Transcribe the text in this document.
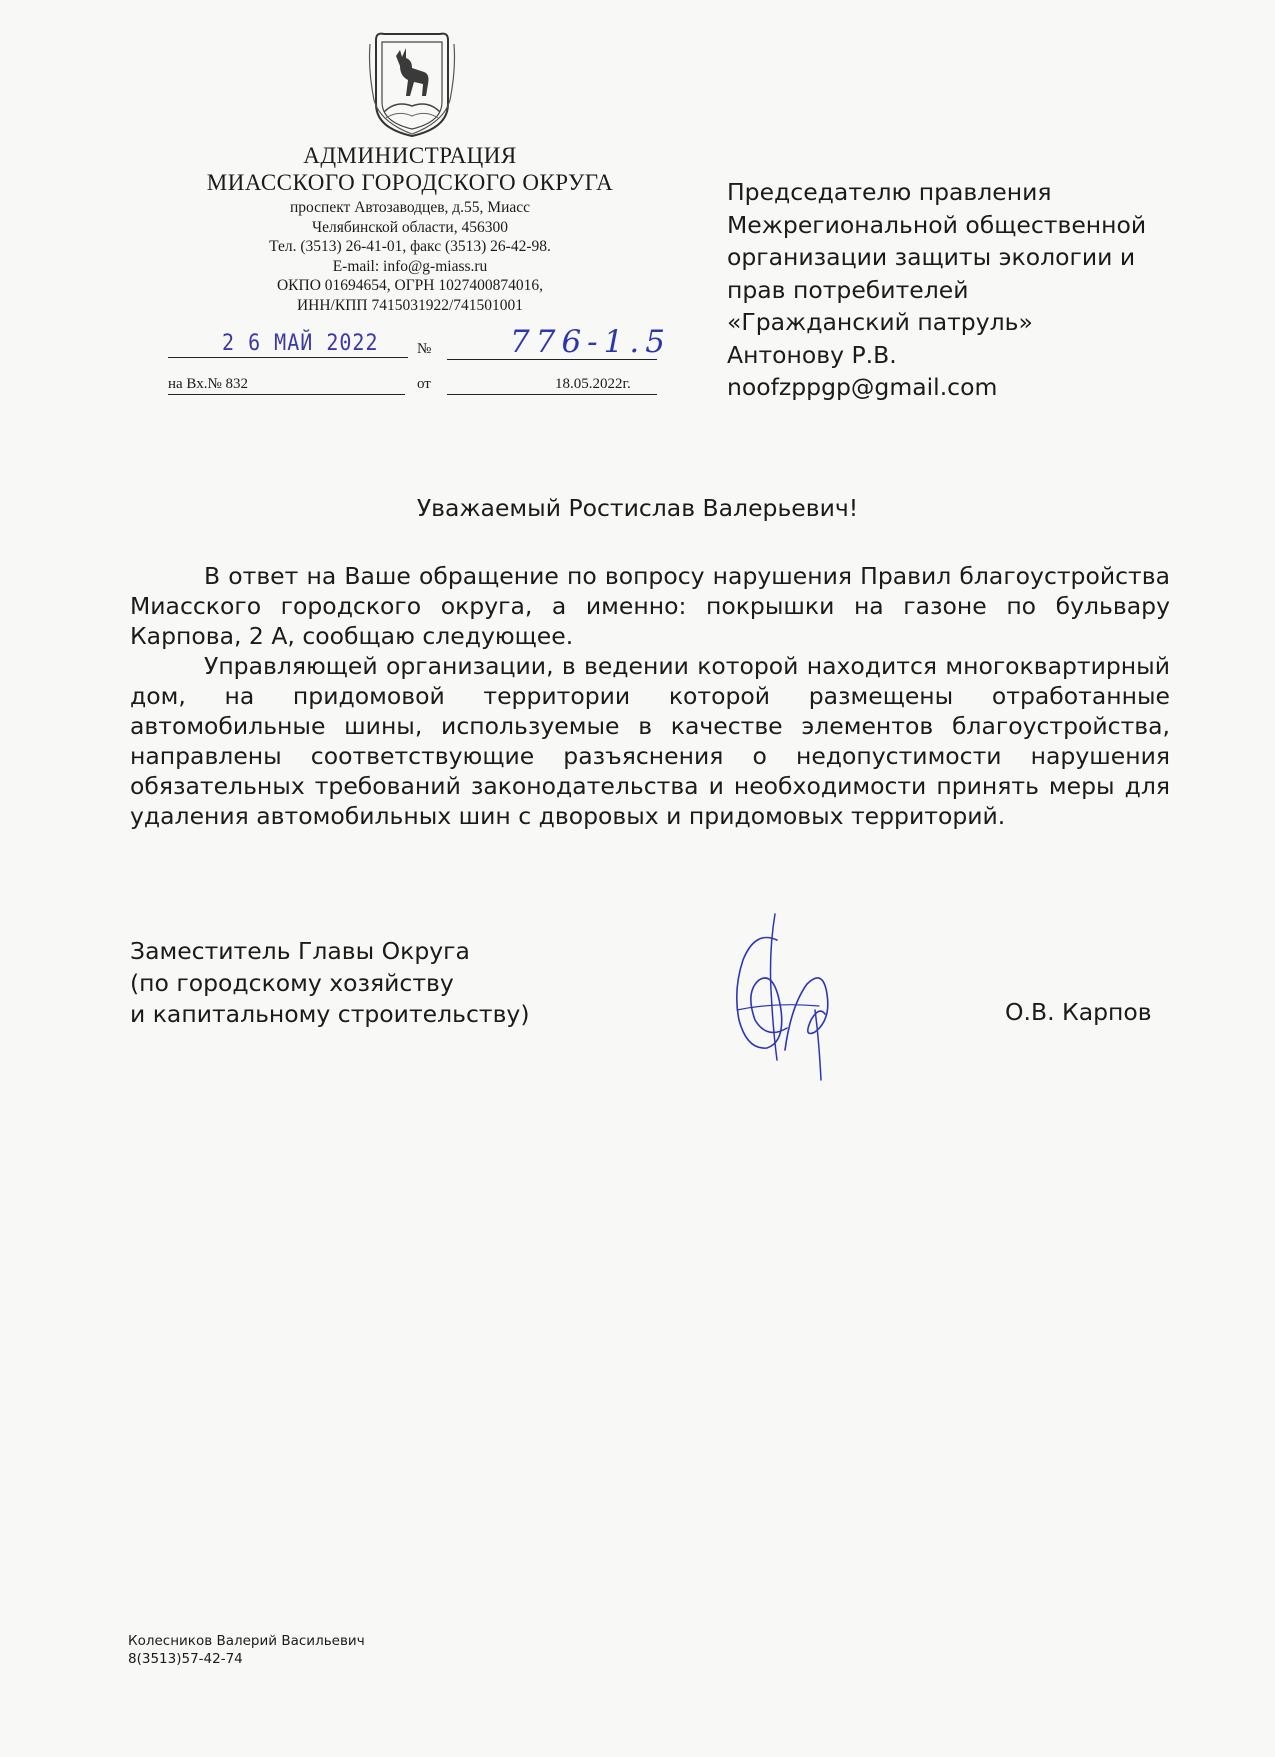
АДМИНИСТРАЦИЯ
МИАССКОГО ГОРОДСКОГО ОКРУГА
проспект Автозаводцев, д.55, Миасс
Челябинской области, 456300
Тел. (3513) 26-41-01, факс (3513) 26-42-98.
E-mail: info@g-miass.ru
ОКПО 01694654, ОГРН 1027400874016,
ИНН/КПП 7415031922/741501001
2 6 МАЙ 2022	№	776-1.5
на Вх.№ 832	от	18.05.2022г.
Председателю правления
Межрегиональной общественной
организации защиты экологии и
прав потребителей
«Гражданский патруль»
Антонову Р.В.
noofzppgp@gmail.com
Уважаемый Ростислав Валерьевич!

В ответ на Ваше обращение по вопросу нарушения Правил благоустройства Миасского городского округа, а именно: покрышки на газоне по бульвару Карпова, 2 А, сообщаю следующее.

Управляющей организации, в ведении которой находится многоквартирный дом, на придомовой территории которой размещены отработанные автомобильные шины, используемые в качестве элементов благоустройства, направлены соответствующие разъяснения о недопустимости нарушения обязательных требований законодательства и необходимости принять меры для удаления автомобильных шин с дворовых и придомовых территорий.

Заместитель Главы Округа
(по городскому хозяйству
и капитальному строительству)	О.В. Карпов
Колесников Валерий Васильевич
8(3513)57-42-74
